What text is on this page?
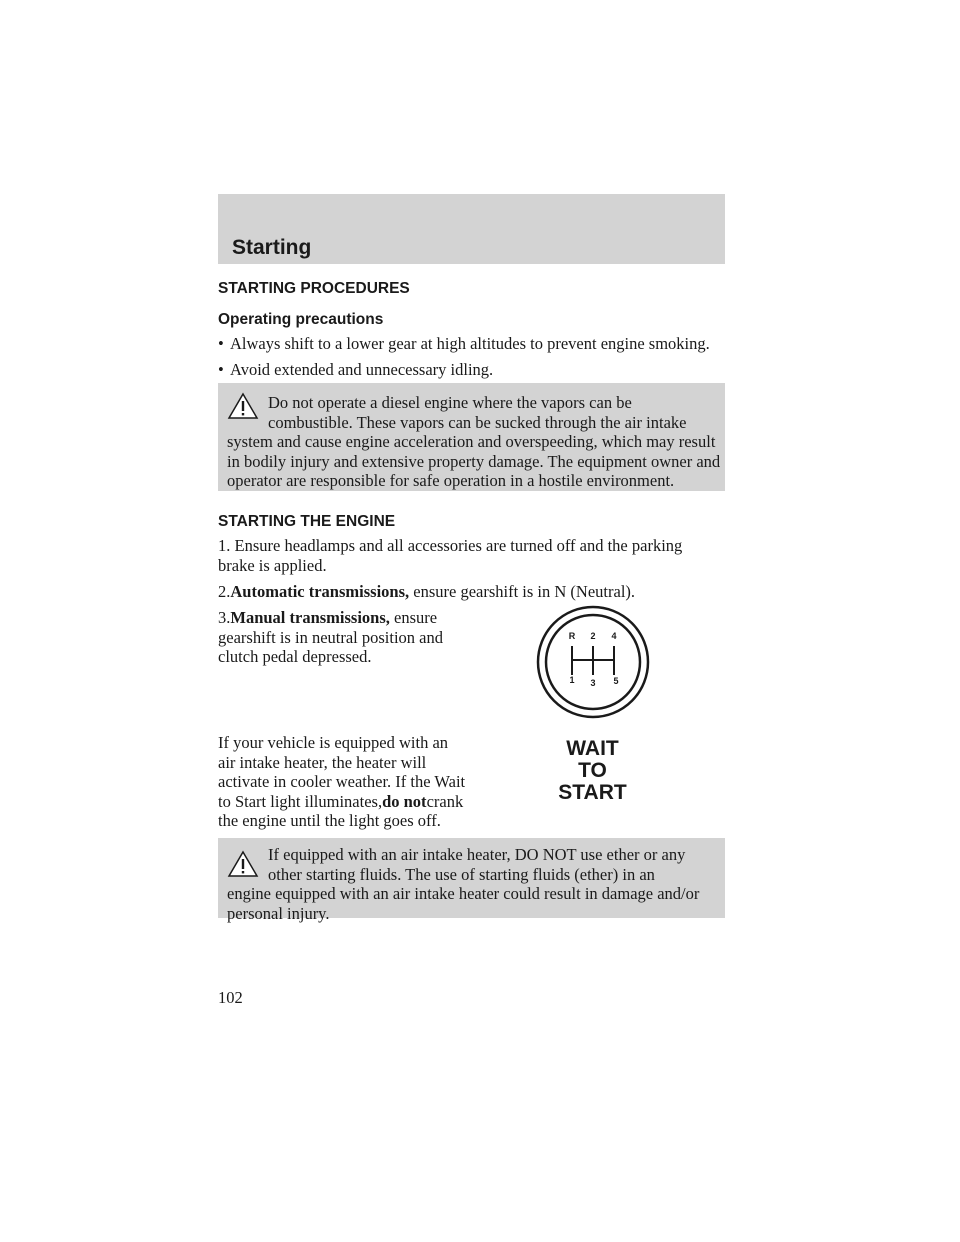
Starting
STARTING PROCEDURES
Operating precautions
• Always shift to a lower gear at high altitudes to prevent engine smoking.
• Avoid extended and unnecessary idling.
Do not operate a diesel engine where the vapors can be combustible. These vapors can be sucked through the air intake
system and cause engine acceleration and overspeeding, which may result in bodily injury and extensive property damage. The equipment owner and operator are responsible for safe operation in a hostile environment.
STARTING THE ENGINE
1. Ensure headlamps and all accessories are turned off and the parking brake is applied.
2.Automatic transmissions, ensure gearshift is in N (Neutral).
3.Manual transmissions, ensure gearshift is in neutral position and clutch pedal depressed.
R 2 4
1 3 5
If your vehicle is equipped with an air intake heater, the heater will activate in cooler weather. If the Wait to Start light illuminates,do notcrank the engine until the light goes off.
WAIT
TO
START
If equipped with an air intake heater, DO NOT use ether or any other starting fluids. The use of starting fluids (ether) in an
engine equipped with an air intake heater could result in damage and/or personal injury.
102
